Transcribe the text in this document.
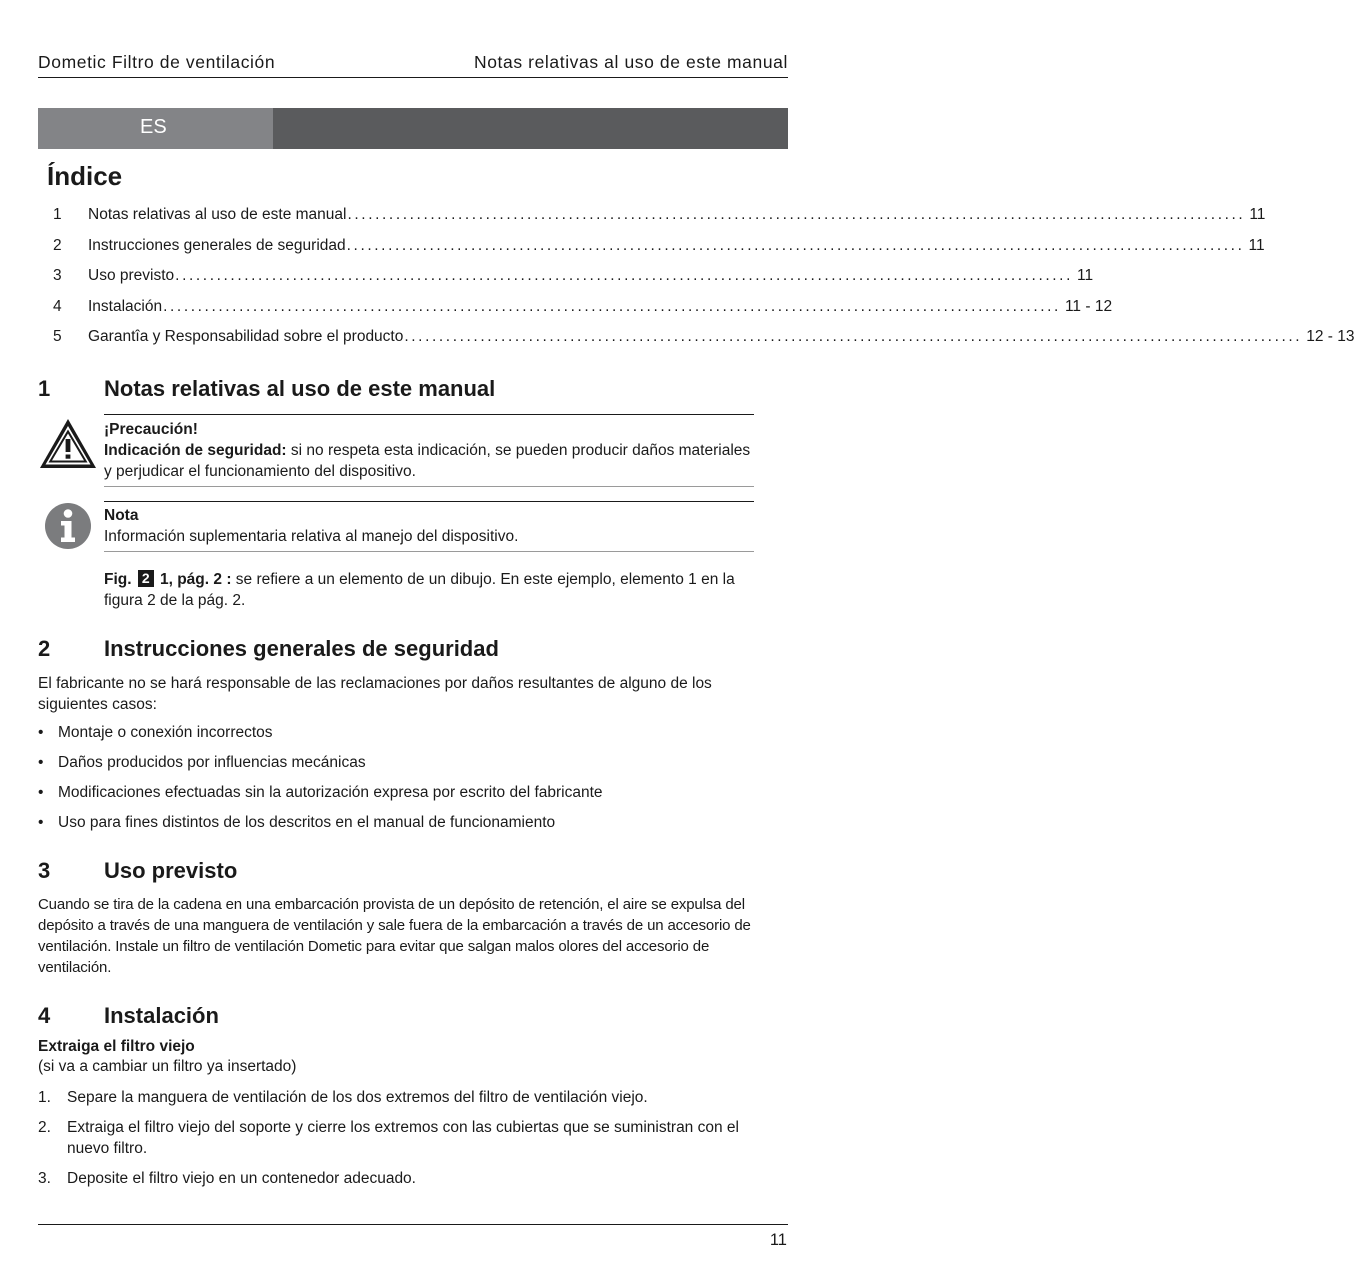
Dometic Filtro de ventilación	Notas relativas al uso de este manual
ES
Índice
1	Notas relativas al uso de este manual .................................................................................................................................. 11
2	Instrucciones generales de seguridad .................................................................................................................................. 11
3	Uso previsto .................................................................................................................................. 11
4	Instalación .................................................................................................................................. 11 - 12
5	Garantîa y Responsabilidad sobre el producto .................................................................................................................................. 12 - 13
1 Notas relativas al uso de este manual
¡Precaución!
Indicación de seguridad: si no respeta esta indicación, se pueden producir daños materiales y perjudicar el funcionamiento del dispositivo.
Nota
Información suplementaria relativa al manejo del dispositivo.
Fig. 2 1, pág. 2 : se refiere a un elemento de un dibujo. En este ejemplo, elemento 1 en la figura 2 de la pág. 2.
2 Instrucciones generales de seguridad
El fabricante no se hará responsable de las reclamaciones por daños resultantes de alguno de los siguientes casos:
• Montaje o conexión incorrectos
• Daños producidos por influencias mecánicas
• Modificaciones efectuadas sin la autorización expresa por escrito del fabricante
• Uso para fines distintos de los descritos en el manual de funcionamiento
3 Uso previsto
Cuando se tira de la cadena en una embarcación provista de un depósito de retención, el aire se expulsa del depósito a través de una manguera de ventilación y sale fuera de la embarcación a través de un accesorio de ventilación. Instale un filtro de ventilación Dometic para evitar que salgan malos olores del accesorio de ventilación.
4 Instalación
Extraiga el filtro viejo
(si va a cambiar un filtro ya insertado)
1. Separe la manguera de ventilación de los dos extremos del filtro de ventilación viejo.
2. Extraiga el filtro viejo del soporte y cierre los extremos con las cubiertas que se suministran con el nuevo filtro.
3. Deposite el filtro viejo en un contenedor adecuado.
11
